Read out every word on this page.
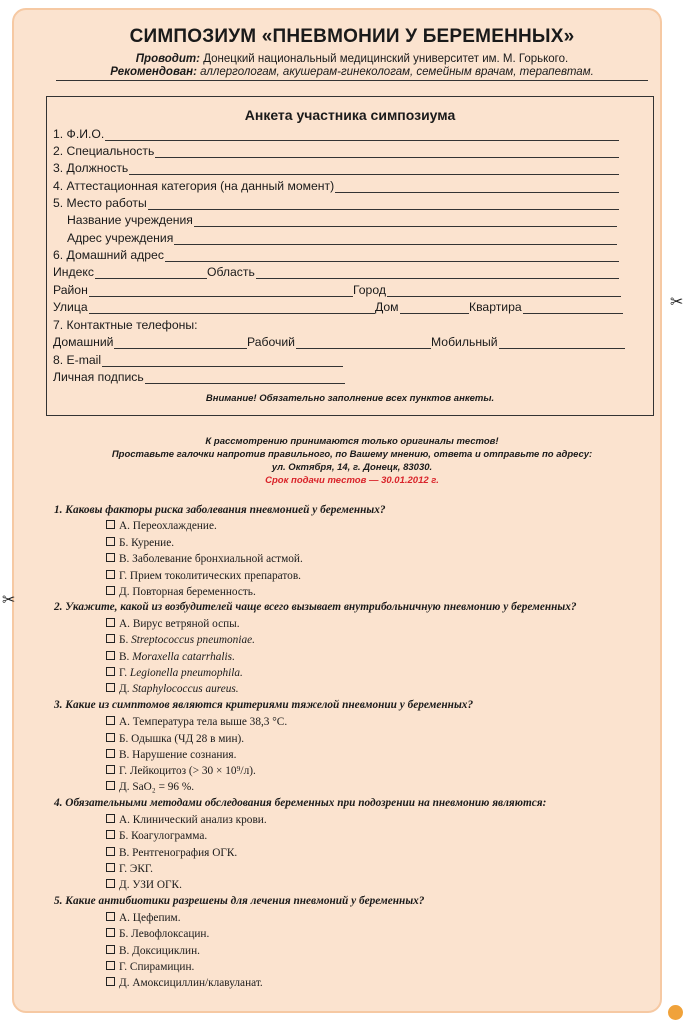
✂
✂
СИМПОЗИУМ «ПНЕВМОНИИ У БЕРЕМЕННЫХ»
Проводит: Донецкий национальный медицинский университет им. М. Горького.
Рекомендован: аллергологам, акушерам-гинекологам, семейным врачам, терапевтам.
Анкета участника симпозиума
1. Ф.И.О.
2. Специальность
3. Должность
4. Аттестационная категория (на данный момент)
5. Место работы
Название учреждения
Адрес учреждения
6. Домашний адрес
Индекс	Область
Район	Город
Улица	Дом	Квартира
7. Контактные телефоны:
Домашний	Рабочий	Мобильный
8. E-mail
Личная подпись
Внимание! Обязательно заполнение всех пунктов анкеты.
К рассмотрению принимаются только оригиналы тестов!
Проставьте галочки напротив правильного, по Вашему мнению, ответа и отправьте по адресу:
ул. Октября, 14, г. Донецк, 83030.
Срок подачи тестов — 30.01.2012 г.
1. Каковы факторы риска заболевания пневмонией у беременных?
А. Переохлаждение.
Б. Курение.
В. Заболевание бронхиальной астмой.
Г. Прием токолитических препаратов.
Д. Повторная беременность.
2. Укажите, какой из возбудителей чаще всего вызывает внутрибольничную пневмонию у беременных?
А. Вирус ветряной оспы.
Б. Streptococcus pneumoniae.
В. Moraxella catarrhalis.
Г. Legionella pneumophila.
Д. Staphylococcus aureus.
3. Какие из симптомов являются критериями тяжелой пневмонии у беременных?
А. Температура тела выше 38,3 °С.
Б. Одышка (ЧД 28 в мин).
В. Нарушение сознания.
Г. Лейкоцитоз (> 30 × 10⁹/л).
Д. SaO₂ = 96 %.
4. Обязательными методами обследования беременных при подозрении на пневмонию являются:
А. Клинический анализ крови.
Б. Коагулограмма.
В. Рентгенография ОГК.
Г. ЭКГ.
Д. УЗИ ОГК.
5. Какие антибиотики разрешены для лечения пневмоний у беременных?
А. Цефепим.
Б. Левофлоксацин.
В. Доксициклин.
Г. Спирамицин.
Д. Амоксициллин/клавуланат.
